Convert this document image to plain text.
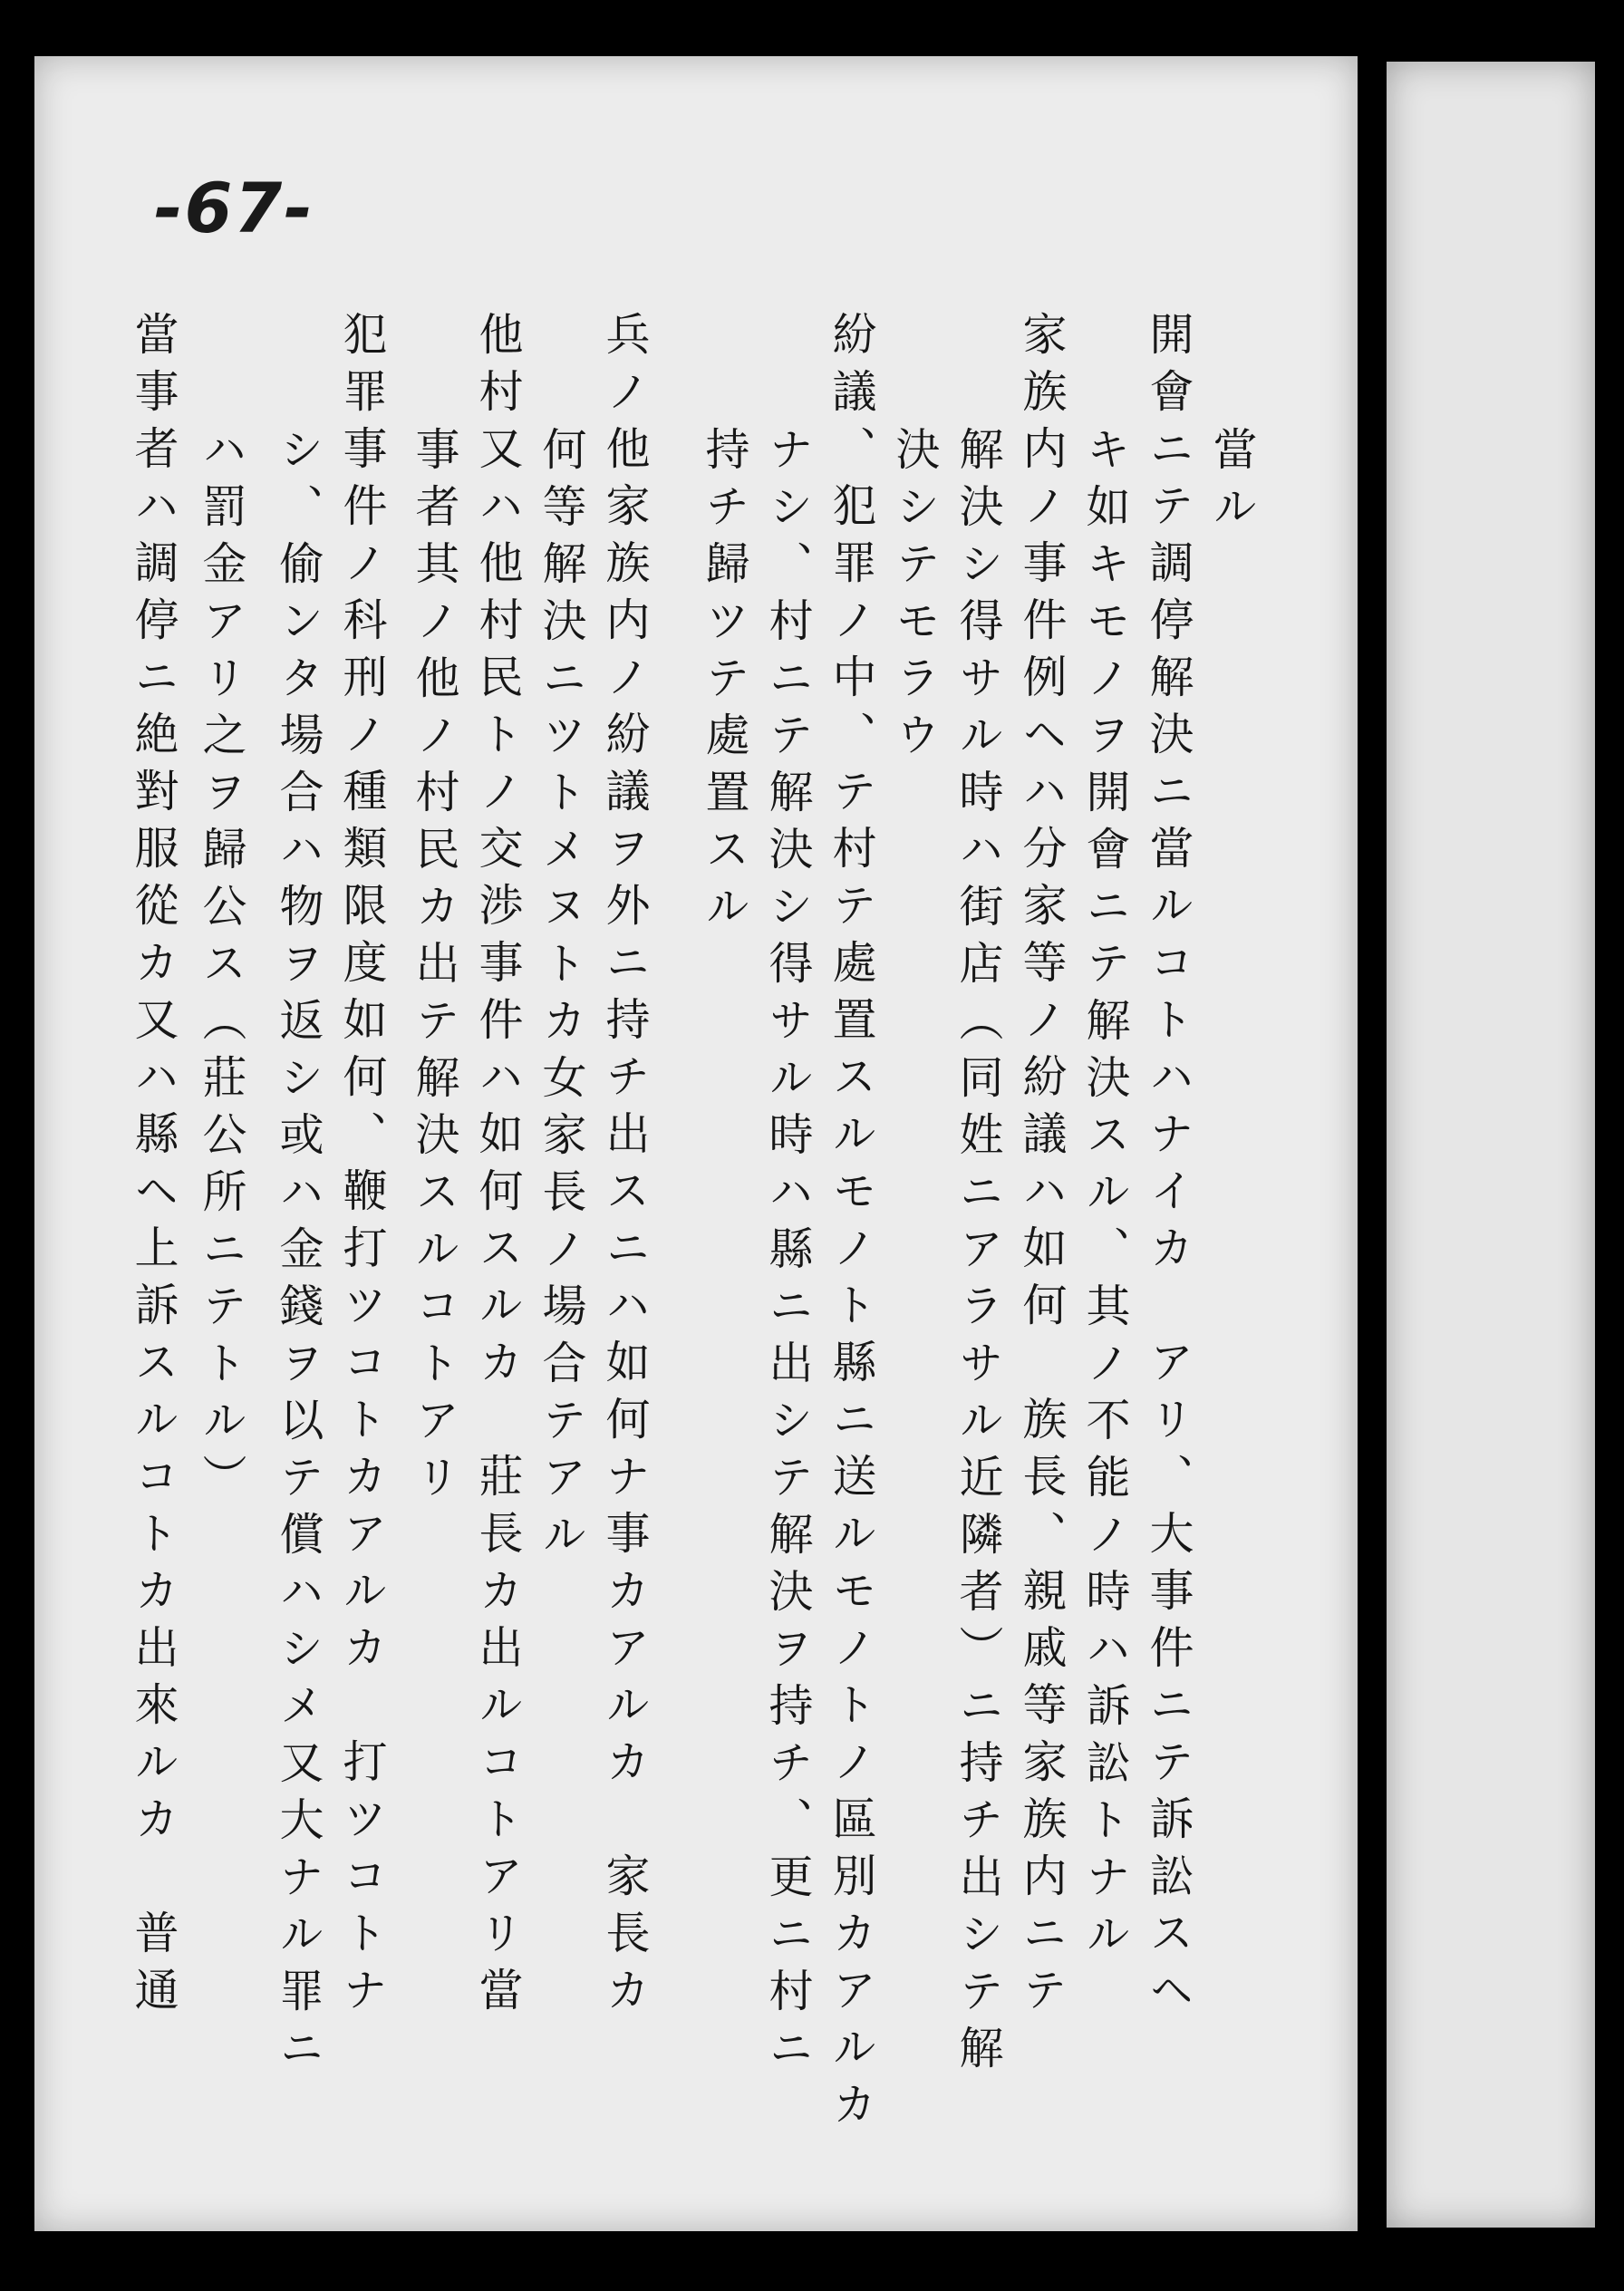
-67-
當ル
開會ニテ調停解決ニ當ルコトハナイカ　アリ、大事件ニテ訴訟スヘ
キ如キモノヲ開會ニテ解決スル、其ノ不能ノ時ハ訴訟トナル
家族内ノ事件例ヘハ分家等ノ紛議ハ如何　族長、親戚等家族内ニテ
解決シ得サル時ハ街店（同姓ニアラサル近隣者）ニ持チ出シテ解
決シテモラウ
紛議、犯罪ノ中、テ村テ處置スルモノト縣ニ送ルモノトノ區別カアルカ
ナシ、村ニテ解決シ得サル時ハ縣ニ出シテ解決ヲ持チ、更ニ村ニ
持チ歸ツテ處置スル
兵ノ他家族内ノ紛議ヲ外ニ持チ出スニハ如何ナ事カアルカ　家長カ
何等解決ニツトメヌトカ女家長ノ場合テアル
他村又ハ他村民トノ交渉事件ハ如何スルカ　莊長カ出ルコトアリ當
事者其ノ他ノ村民カ出テ解決スルコトアリ
犯罪事件ノ科刑ノ種類限度如何、鞭打ツコトカアルカ　打ツコトナ
シ、偷ンタ場合ハ物ヲ返シ或ハ金錢ヲ以テ償ハシメ又大ナル罪ニ
ハ罰金アリ之ヲ歸公ス（莊公所ニテトル）
當事者ハ調停ニ絶對服從カ又ハ縣ヘ上訴スルコトカ出來ルカ　普通
